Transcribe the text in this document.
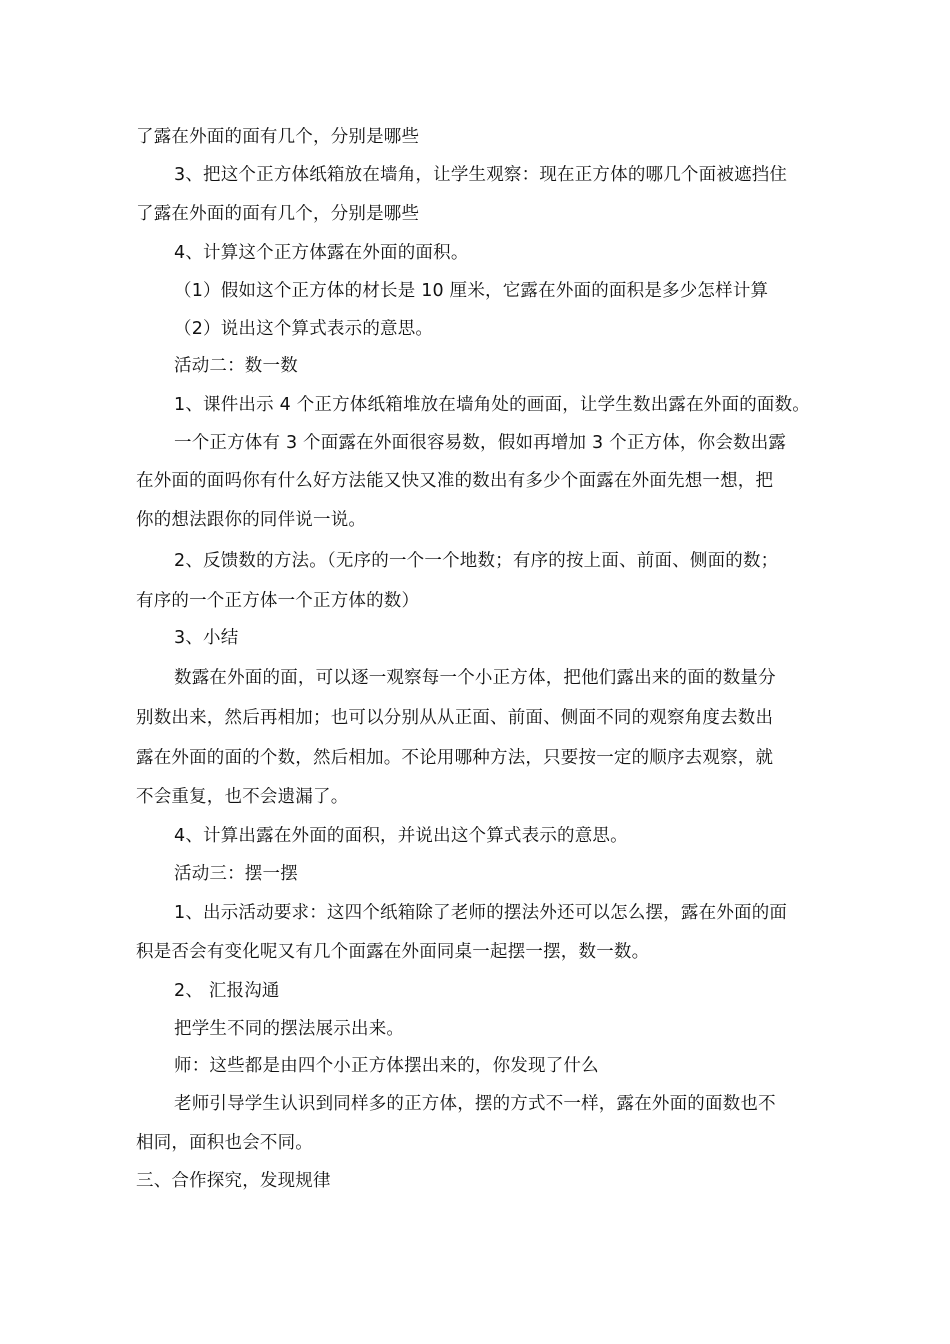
了露在外面的面有几个，分别是哪些
3、把这个正方体纸箱放在墙角，让学生观察：现在正方体的哪几个面被遮挡住
了露在外面的面有几个，分别是哪些
4、计算这个正方体露在外面的面积。
（1）假如这个正方体的材长是 10 厘米，它露在外面的面积是多少怎样计算
（2）说出这个算式表示的意思。
活动二：数一数
1、课件出示 4 个正方体纸箱堆放在墙角处的画面，让学生数出露在外面的面数。
一个正方体有 3 个面露在外面很容易数，假如再增加 3 个正方体，你会数出露
在外面的面吗你有什么好方法能又快又准的数出有多少个面露在外面先想一想，把
你的想法跟你的同伴说一说。
2、反馈数的方法。（无序的一个一个地数；有序的按上面、前面、侧面的数；
有序的一个正方体一个正方体的数）
3、小结
数露在外面的面，可以逐一观察每一个小正方体，把他们露出来的面的数量分
别数出来，然后再相加；也可以分别从从正面、前面、侧面不同的观察角度去数出
露在外面的面的个数，然后相加。不论用哪种方法，只要按一定的顺序去观察，就
不会重复，也不会遗漏了。
4、计算出露在外面的面积，并说出这个算式表示的意思。
活动三：摆一摆
1、出示活动要求：这四个纸箱除了老师的摆法外还可以怎么摆，露在外面的面
积是否会有变化呢又有几个面露在外面同桌一起摆一摆，数一数。
2、 汇报沟通
把学生不同的摆法展示出来。
师：这些都是由四个小正方体摆出来的，你发现了什么
老师引导学生认识到同样多的正方体，摆的方式不一样，露在外面的面数也不
相同，面积也会不同。
三、合作探究，发现规律
